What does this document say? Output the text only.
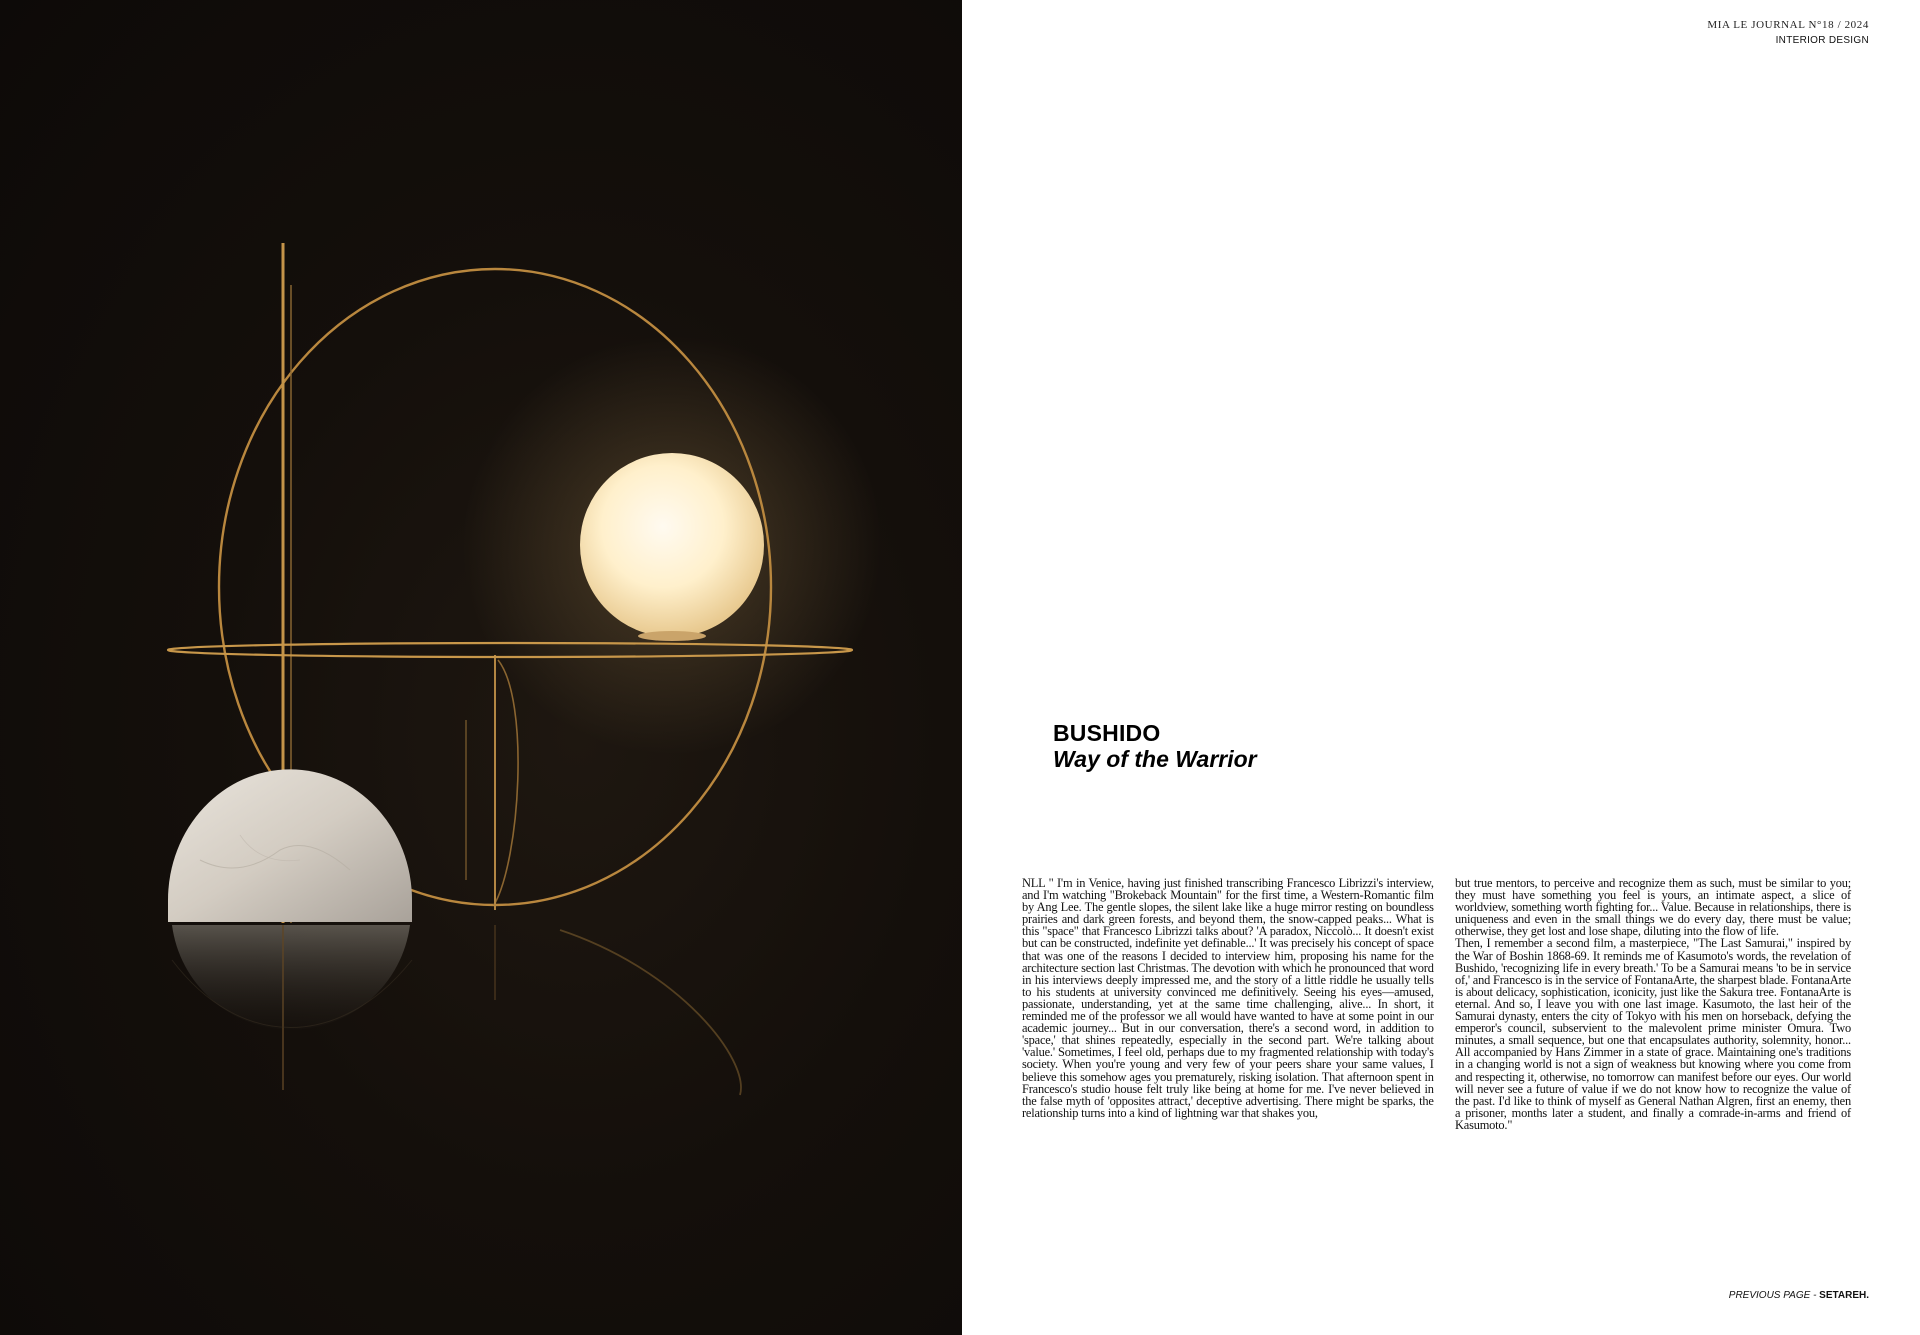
MIA LE JOURNAL N°18 / 2024
INTERIOR DESIGN
BUSHIDO
Way of the Warrior

NLL " I'm in Venice, having just finished transcribing Francesco Librizzi's interview, and I'm watching "Brokeback Mountain" for the first time, a Western-Romantic film by Ang Lee. The gentle slopes, the silent lake like a huge mirror resting on boundless prairies and dark green forests, and beyond them, the snow-capped peaks... What is this "space" that Francesco Librizzi talks about? 'A paradox, Niccolò... It doesn't exist but can be constructed, indefinite yet definable...' It was precisely his concept of space that was one of the reasons I decided to interview him, proposing his name for the architecture section last Christmas. The devotion with which he pronounced that word in his interviews deeply impressed me, and the story of a little riddle he usually tells to his students at university convinced me definitively. Seeing his eyes—amused, passionate, understanding, yet at the same time challenging, alive... In short, it reminded me of the professor we all would have wanted to have at some point in our academic journey... But in our conversation, there's a second word, in addition to 'space,' that shines repeatedly, especially in the second part. We're talking about 'value.' Sometimes, I feel old, perhaps due to my fragmented relationship with today's society. When you're young and very few of your peers share your same values, I believe this somehow ages you prematurely, risking isolation. That afternoon spent in Francesco's studio house felt truly like being at home for me. I've never believed in the false myth of 'opposites attract,' deceptive advertising. There might be sparks, the relationship turns into a kind of lightning war that shakes you,

but true mentors, to perceive and recognize them as such, must be similar to you; they must have something you feel is yours, an intimate aspect, a slice of worldview, something worth fighting for... Value. Because in relationships, there is uniqueness and even in the small things we do every day, there must be value; otherwise, they get lost and lose shape, diluting into the flow of life.

Then, I remember a second film, a masterpiece, "The Last Samurai," inspired by the War of Boshin 1868-69. It reminds me of Kasumoto's words, the revelation of Bushido, 'recognizing life in every breath.' To be a Samurai means 'to be in service of,' and Francesco is in the service of FontanaArte, the sharpest blade. FontanaArte is about delicacy, sophistication, iconicity, just like the Sakura tree. FontanaArte is eternal. And so, I leave you with one last image. Kasumoto, the last heir of the Samurai dynasty, enters the city of Tokyo with his men on horseback, defying the emperor's council, subservient to the malevolent prime minister Omura. Two minutes, a small sequence, but one that encapsulates authority, solemnity, honor... All accompanied by Hans Zimmer in a state of grace. Maintaining one's traditions in a changing world is not a sign of weakness but knowing where you come from and respecting it, otherwise, no tomorrow can manifest before our eyes. Our world will never see a future of value if we do not know how to recognize the value of the past. I'd like to think of myself as General Nathan Algren, first an enemy, then a prisoner, months later a student, and finally a comrade-in-arms and friend of Kasumoto."

PREVIOUS PAGE - SETAREH.
